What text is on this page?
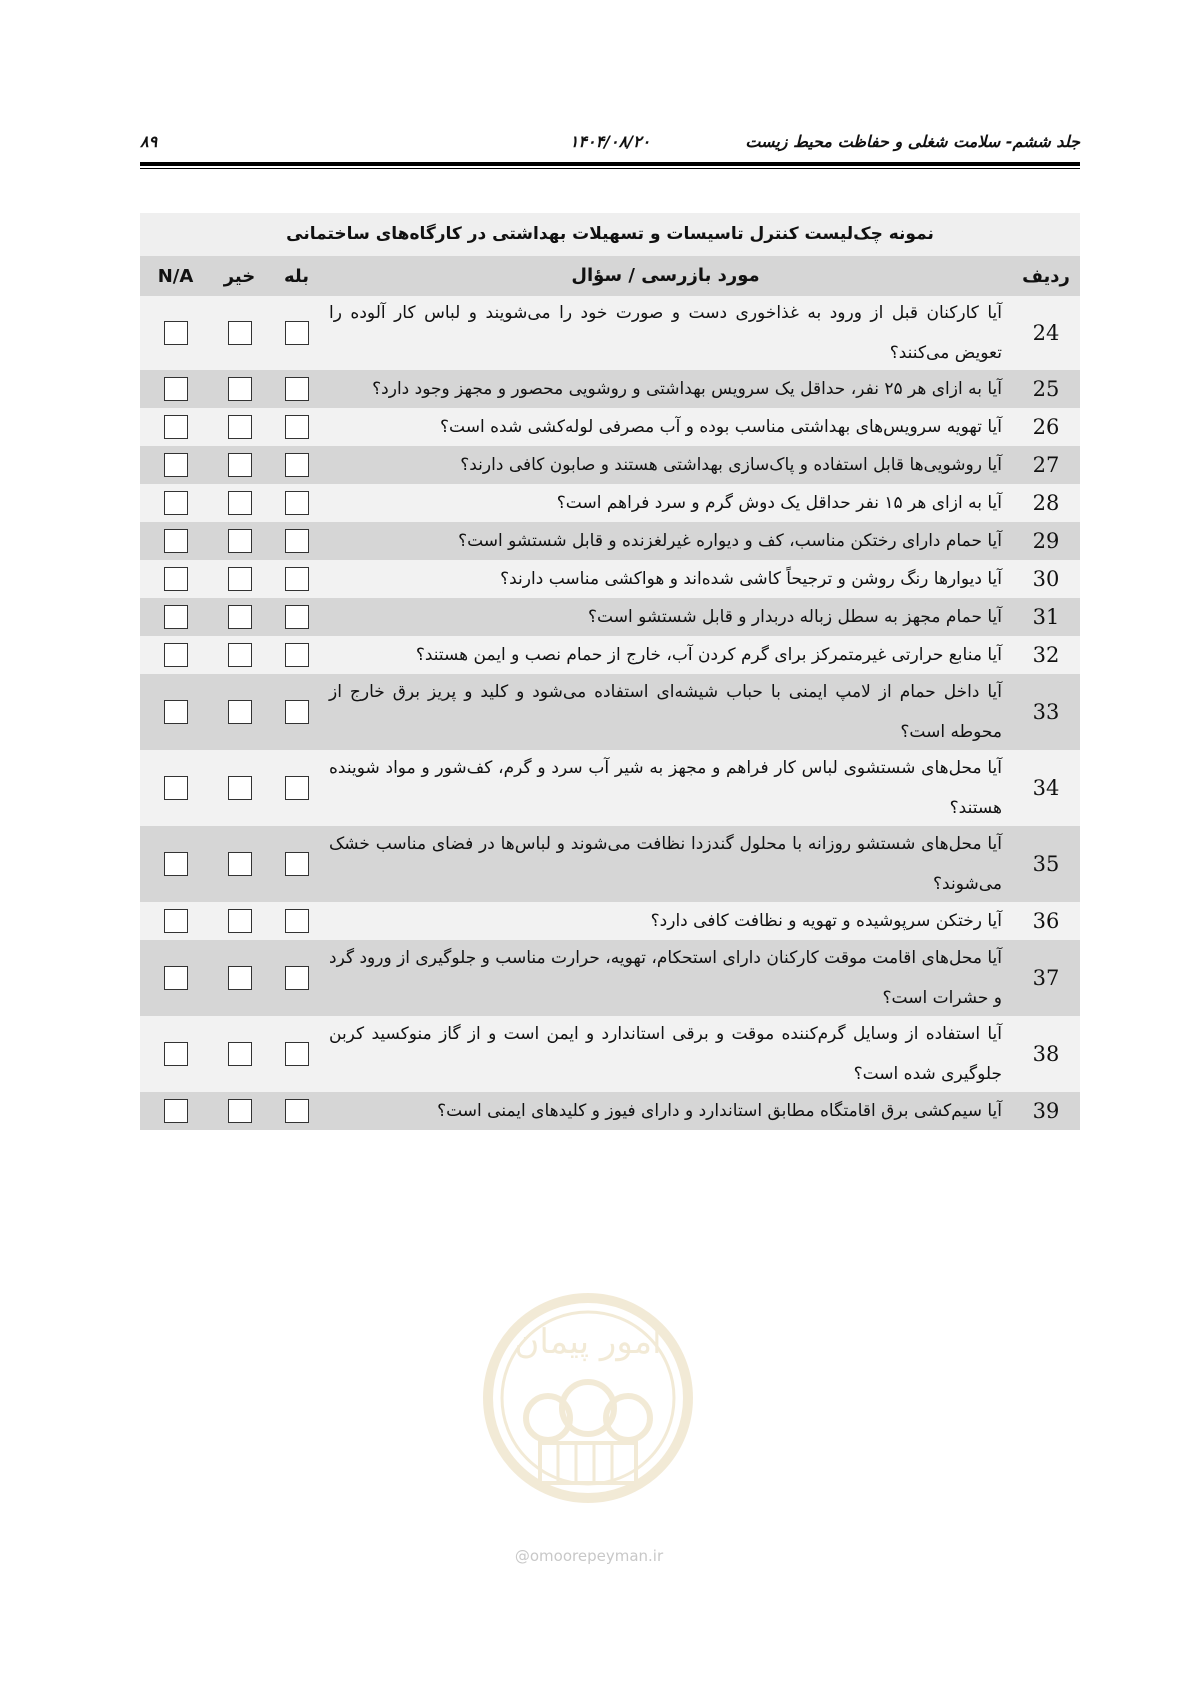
جلد ششم- سلامت شغلی و حفاظت محیط زیست
۱۴۰۴/۰۸/۲۰
۸۹
نمونه چک‌لیست کنترل تاسیسات و تسهیلات بهداشتی در کارگاه‌های ساختمانی
ردیف
مورد بازرسی / سؤال
بله
خیر
N/A
24
آیا کارکنان قبل از ورود به غذاخوری دست و صورت خود را می‌شویند و لباس کار آلوده را تعویض می‌کنند؟
25
آیا به ازای هر ۲۵ نفر، حداقل یک سرویس بهداشتی و روشویی محصور و مجهز وجود دارد؟
26
آیا تهویه سرویس‌های بهداشتی مناسب بوده و آب مصرفی لوله‌کشی شده است؟
27
آیا روشویی‌ها قابل استفاده و پاک‌سازی بهداشتی هستند و صابون کافی دارند؟
28
آیا به ازای هر ۱۵ نفر حداقل یک دوش گرم و سرد فراهم است؟
29
آیا حمام دارای رختکن مناسب، کف و دیواره غیرلغزنده و قابل شستشو است؟
30
آیا دیوارها رنگ روشن و ترجیحاً کاشی شده‌اند و هواکشی مناسب دارند؟
31
آیا حمام مجهز به سطل زباله دربدار و قابل شستشو است؟
32
آیا منابع حرارتی غیرمتمرکز برای گرم کردن آب، خارج از حمام نصب و ایمن هستند؟
33
آیا داخل حمام از لامپ ایمنی با حباب شیشه‌ای استفاده می‌شود و کلید و پریز برق خارج از محوطه است؟
34
آیا محل‌های شستشوی لباس کار فراهم و مجهز به شیر آب سرد و گرم، کف‌شور و مواد شوینده هستند؟
35
آیا محل‌های شستشو روزانه با محلول گندزدا نظافت می‌شوند و لباس‌ها در فضای مناسب خشک می‌شوند؟
36
آیا رختکن سرپوشیده و تهویه و نظافت کافی دارد؟
37
آیا محل‌های اقامت موقت کارکنان دارای استحکام، تهویه، حرارت مناسب و جلوگیری از ورود گرد و حشرات است؟
38
آیا استفاده از وسایل گرم‌کننده موقت و برقی استاندارد و ایمن است و از گاز منوکسید کربن جلوگیری شده است؟
39
آیا سیم‌کشی برق اقامتگاه مطابق استاندارد و دارای فیوز و کلیدهای ایمنی است؟
امور پیمان
@omoorepeyman.ir
